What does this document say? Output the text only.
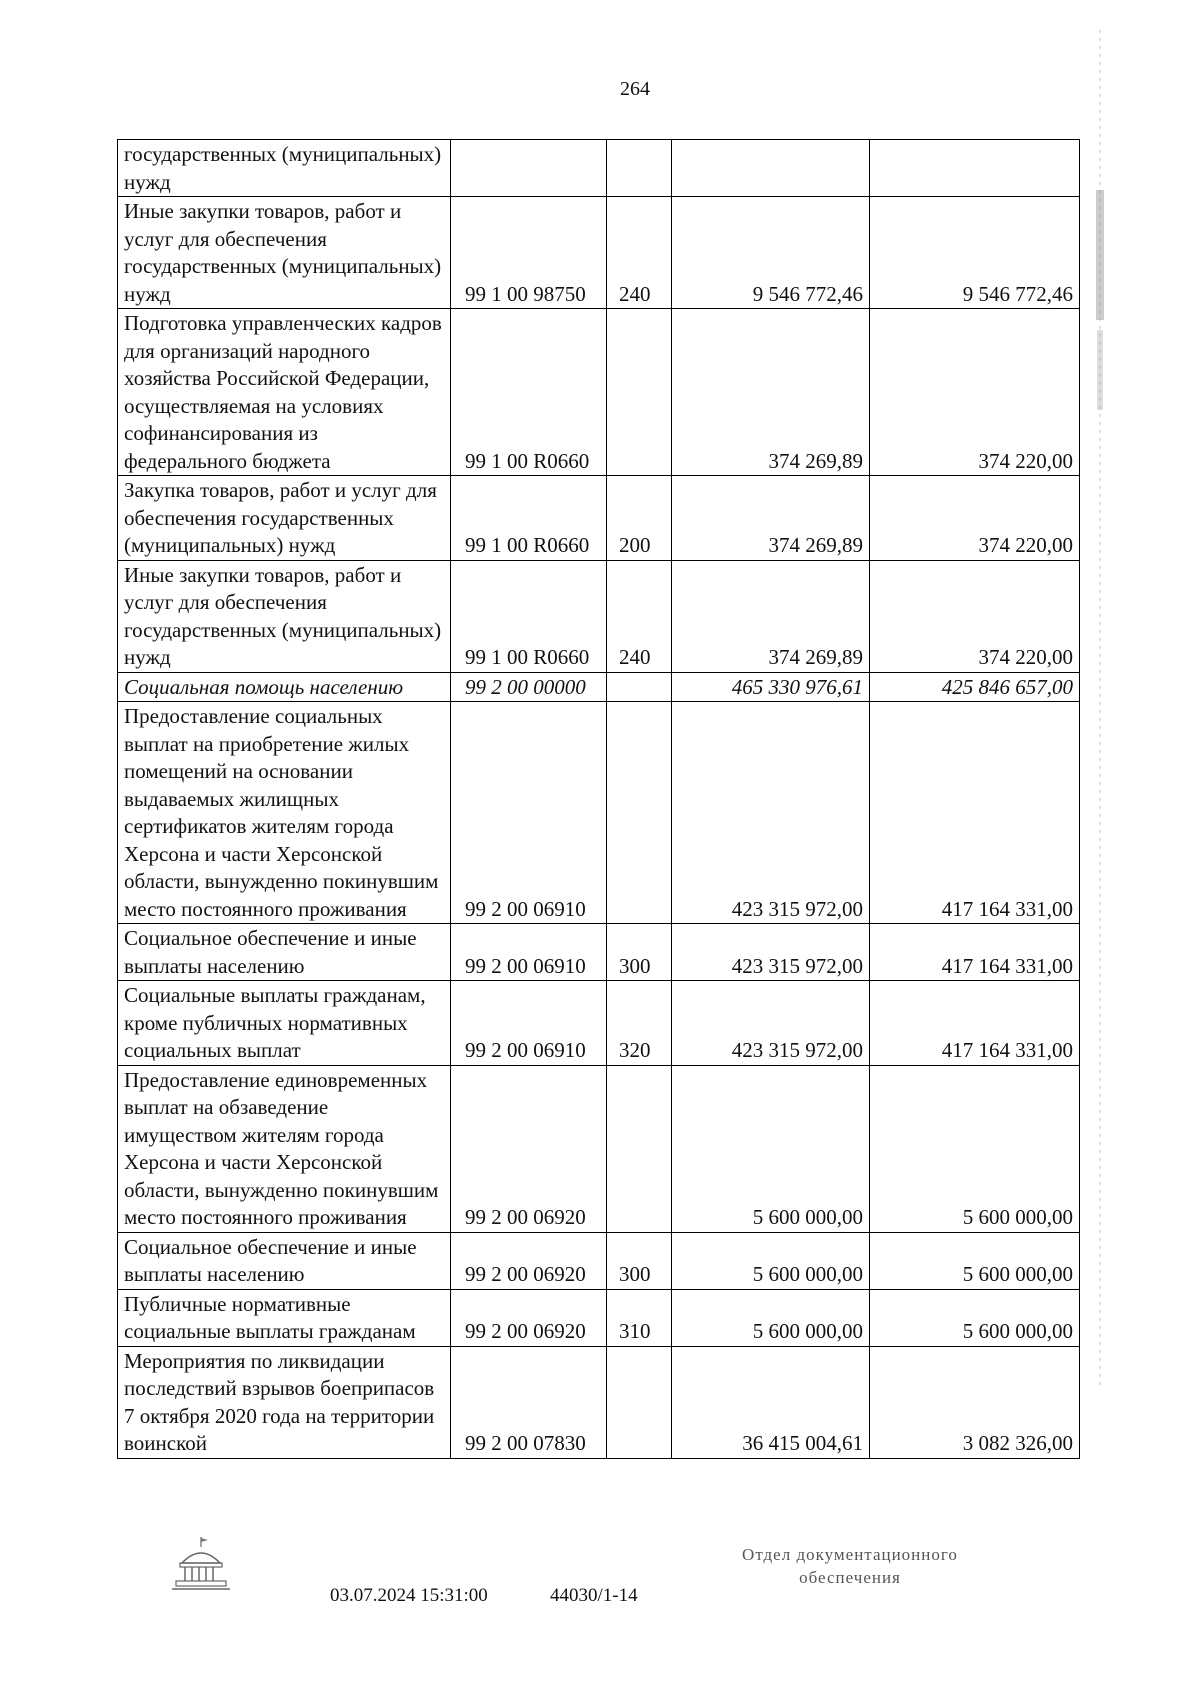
264
государственных (муниципальных) нужд				
Иные закупки товаров, работ и услуг для обеспечения государственных (муниципальных) нужд	99 1 00 98750	240	9 546 772,46	9 546 772,46
Подготовка управленческих кадров для организаций народного хозяйства Российской Федерации, осуществляемая на условиях софинансирования из федерального бюджета	99 1 00 R0660		374 269,89	374 220,00
Закупка товаров, работ и услуг для обеспечения государственных (муниципальных) нужд	99 1 00 R0660	200	374 269,89	374 220,00
Иные закупки товаров, работ и услуг для обеспечения государственных (муниципальных) нужд	99 1 00 R0660	240	374 269,89	374 220,00
Социальная помощь населению	99 2 00 00000		465 330 976,61	425 846 657,00
Предоставление социальных выплат на приобретение жилых помещений на основании выдаваемых жилищных сертификатов жителям города Херсона и части Херсонской области, вынужденно покинувшим место постоянного проживания	99 2 00 06910		423 315 972,00	417 164 331,00
Социальное обеспечение и иные выплаты населению	99 2 00 06910	300	423 315 972,00	417 164 331,00
Социальные выплаты гражданам, кроме публичных нормативных социальных выплат	99 2 00 06910	320	423 315 972,00	417 164 331,00
Предоставление единовременных выплат на обзаведение имуществом жителям города Херсона и части Херсонской области, вынужденно покинувшим место постоянного проживания	99 2 00 06920		5 600 000,00	5 600 000,00
Социальное обеспечение и иные выплаты населению	99 2 00 06920	300	5 600 000,00	5 600 000,00
Публичные нормативные социальные выплаты гражданам	99 2 00 06920	310	5 600 000,00	5 600 000,00
Мероприятия по ликвидации последствий взрывов боеприпасов 7 октября 2020 года на территории воинской	99 2 00 07830		36 415 004,61	3 082 326,00
03.07.2024 15:31:00	44030/1-14
Отдел документационного
обеспечения
